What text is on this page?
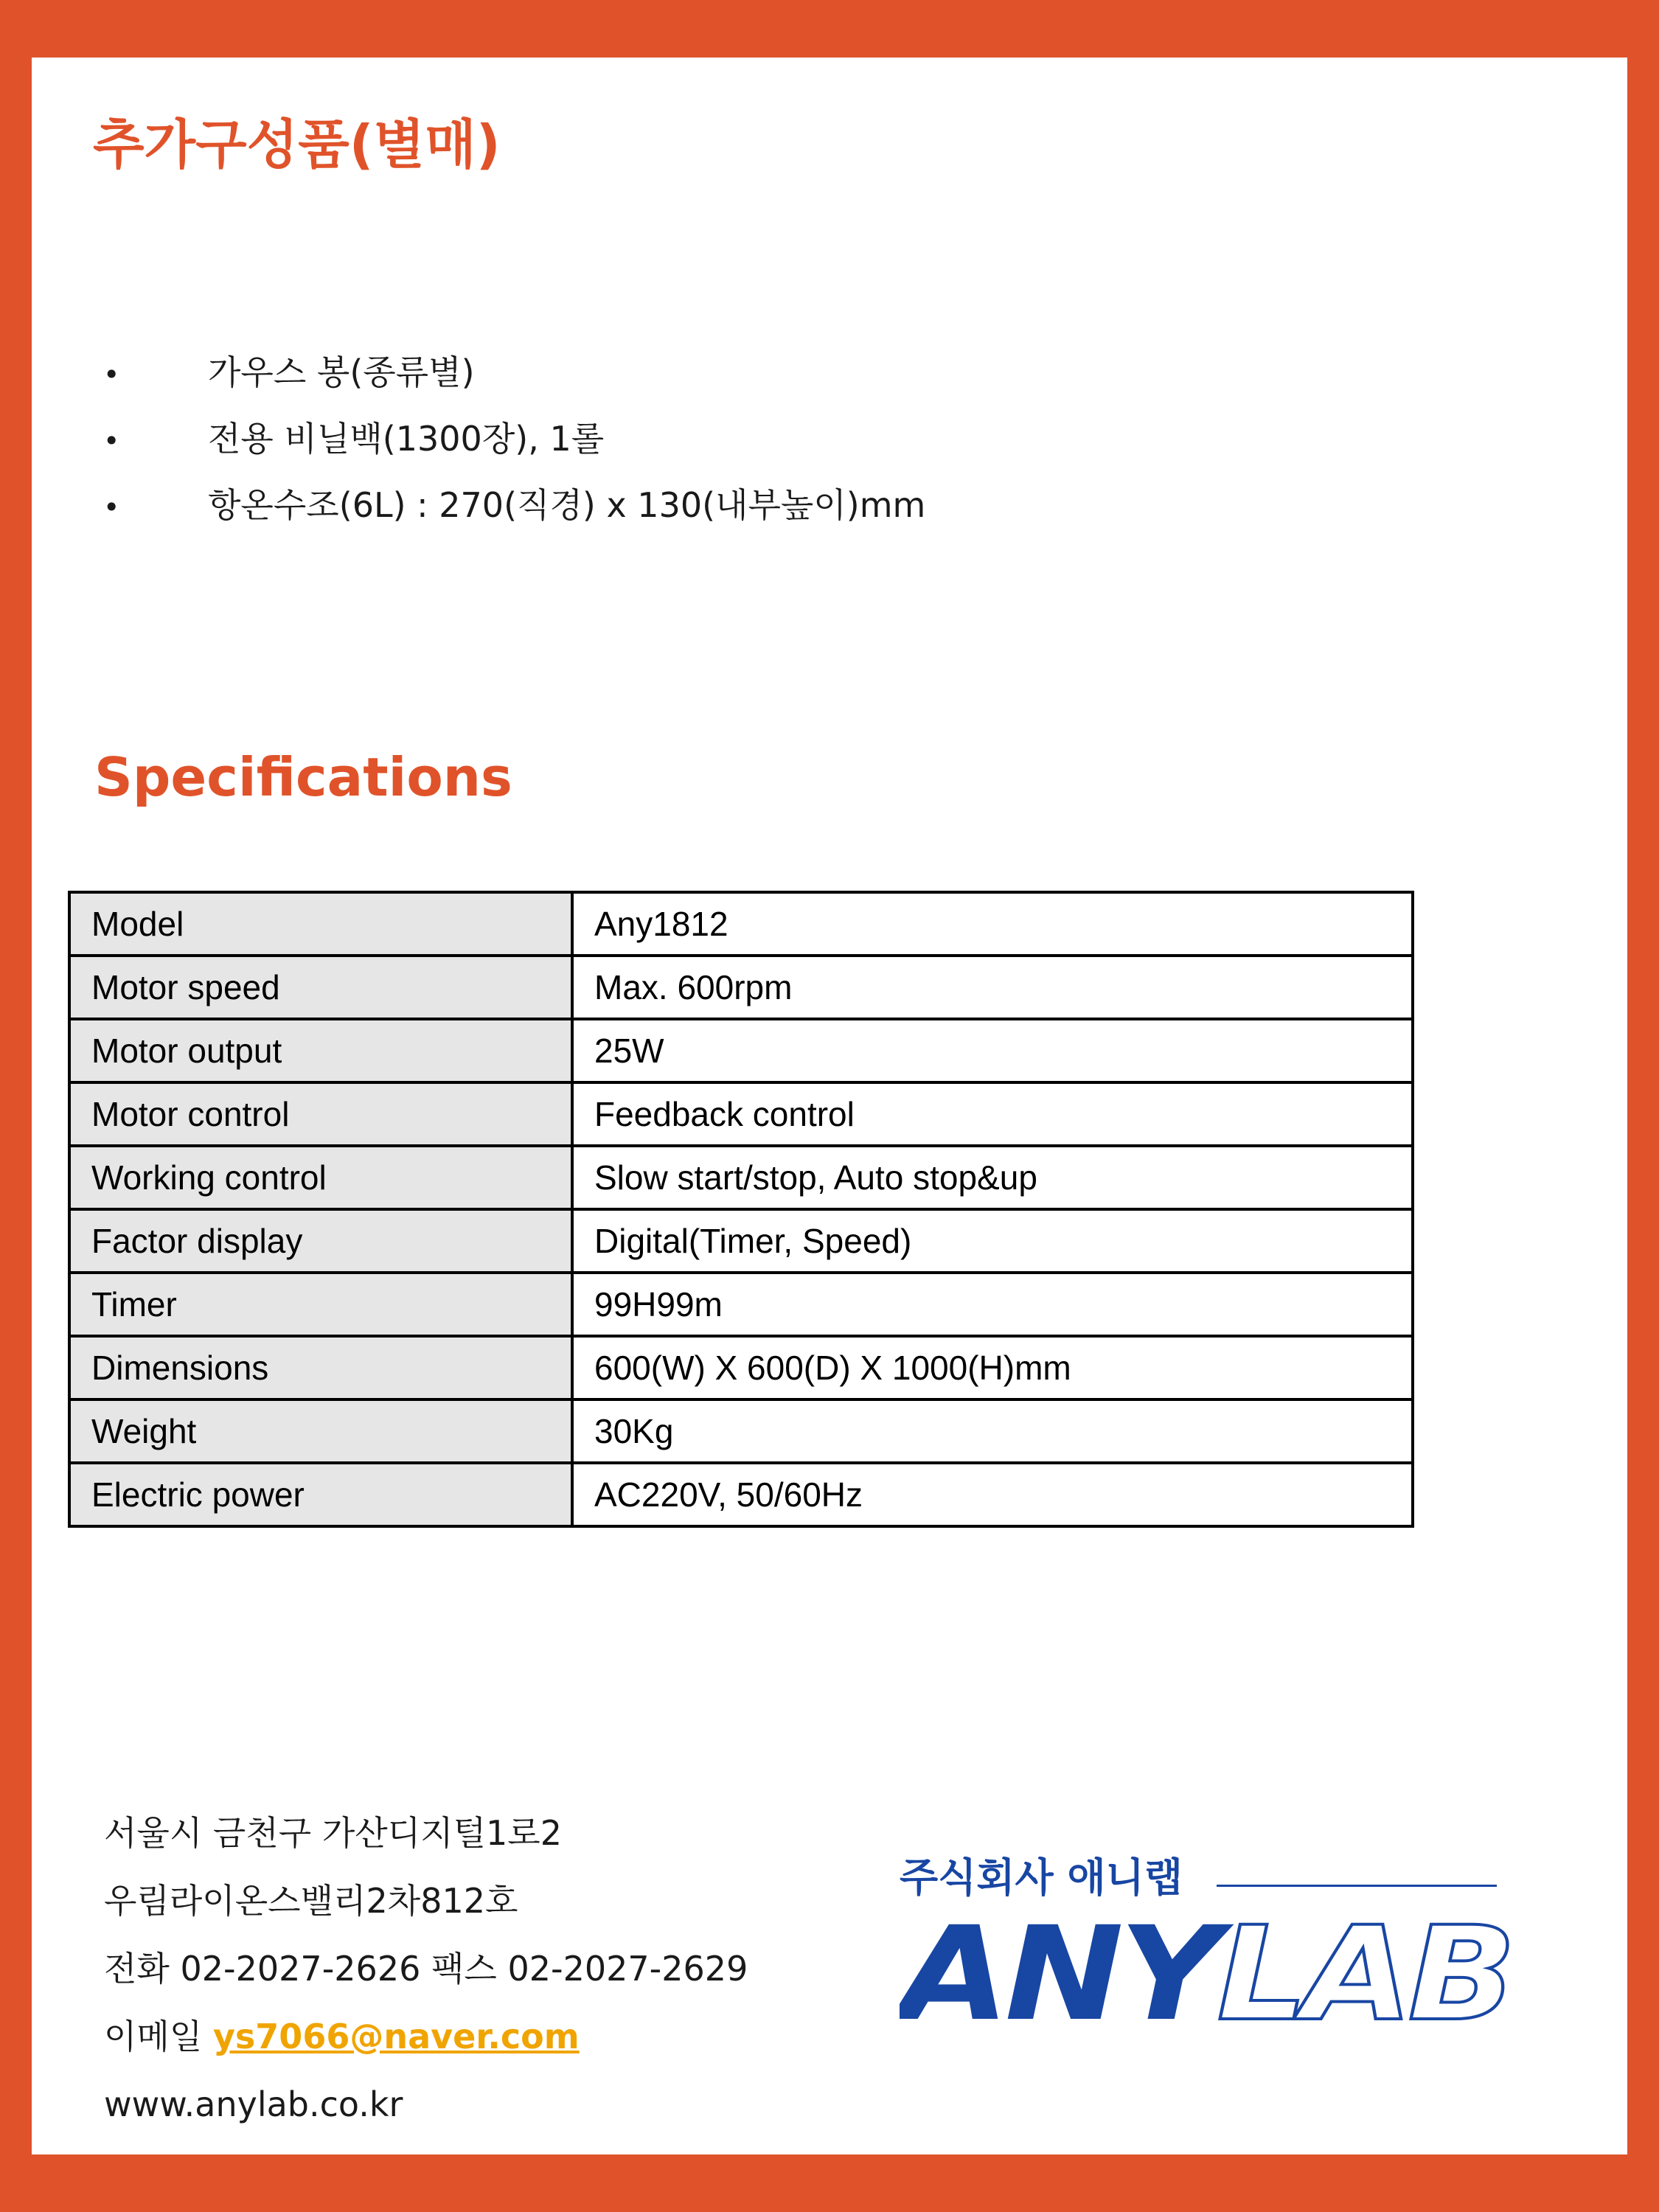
추가구성품(별매)
•	가우스 봉(종류별)
•	전용 비닐백(1300장), 1롤
•	항온수조(6L) : 270(직경) x 130(내부높이)mm
Specifications
Model	Any1812
Motor speed	Max. 600rpm
Motor output	25W
Motor control	Feedback control
Working control	Slow start/stop, Auto stop&up
Factor display	Digital(Timer, Speed)
Timer	99H99m
Dimensions	600(W) X 600(D) X 1000(H)mm
Weight	30Kg
Electric power	AC220V, 50/60Hz
서울시 금천구 가산디지털1로2
우림라이온스밸리2차812호
전화 02-2027-2626 팩스 02-2027-2629
이메일 ys7066@naver.com
www.anylab.co.kr
주식회사 애니랩
ANY LAB
